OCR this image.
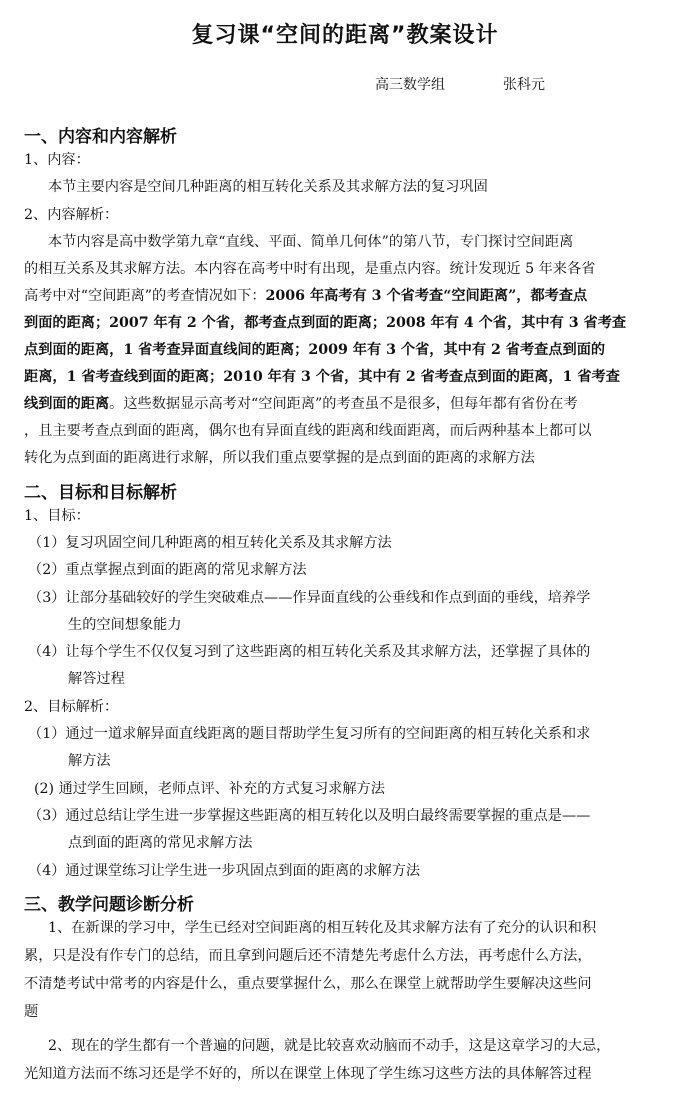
复习课“空间的距离”教案设计
高三数学组	张科元
一、内容和内容解析
1、内容：
本节主要内容是空间几种距离的相互转化关系及其求解方法的复习巩固
2、内容解析：
本节内容是高中数学第九章“直线、平面、简单几何体”的第八节，专门探讨空间距离
的相互关系及其求解方法。本内容在高考中时有出现，是重点内容。统计发现近 5 年来各省
高考中对“空间距离”的考查情况如下：2006 年高考有 3 个省考查“空间距离”，都考查点
到面的距离；2007 年有 2 个省，都考查点到面的距离；2008 年有 4 个省，其中有 3 省考查
点到面的距离，1 省考查异面直线间的距离；2009 年有 3 个省，其中有 2 省考查点到面的
距离，1 省考查线到面的距离；2010 年有 3 个省，其中有 2 省考查点到面的距离，1 省考查
线到面的距离。这些数据显示高考对“空间距离”的考查虽不是很多，但每年都有省份在考
，且主要考查点到面的距离，偶尔也有异面直线的距离和线面距离，而后两种基本上都可以
转化为点到面的距离进行求解，所以我们重点要掌握的是点到面的距离的求解方法
二、目标和目标解析
1、目标：
（1）复习巩固空间几种距离的相互转化关系及其求解方法
（2）重点掌握点到面的距离的常见求解方法
（3）让部分基础较好的学生突破难点——作异面直线的公垂线和作点到面的垂线，培养学
生的空间想象能力
（4）让每个学生不仅仅复习到了这些距离的相互转化关系及其求解方法，还掌握了具体的
解答过程
2、目标解析：
（1）通过一道求解异面直线距离的题目帮助学生复习所有的空间距离的相互转化关系和求
解方法
(2) 通过学生回顾，老师点评、补充的方式复习求解方法
（3）通过总结让学生进一步掌握这些距离的相互转化以及明白最终需要掌握的重点是——
点到面的距离的常见求解方法
（4）通过课堂练习让学生进一步巩固点到面的距离的求解方法
三、教学问题诊断分析
1、在新课的学习中，学生已经对空间距离的相互转化及其求解方法有了充分的认识和积
累，只是没有作专门的总结，而且拿到问题后还不清楚先考虑什么方法，再考虑什么方法，
不清楚考试中常考的内容是什么，重点要掌握什么，那么在课堂上就帮助学生要解决这些问
题
2、现在的学生都有一个普遍的问题，就是比较喜欢动脑而不动手，这是这章学习的大忌，
光知道方法而不练习还是学不好的，所以在课堂上体现了学生练习这些方法的具体解答过程
